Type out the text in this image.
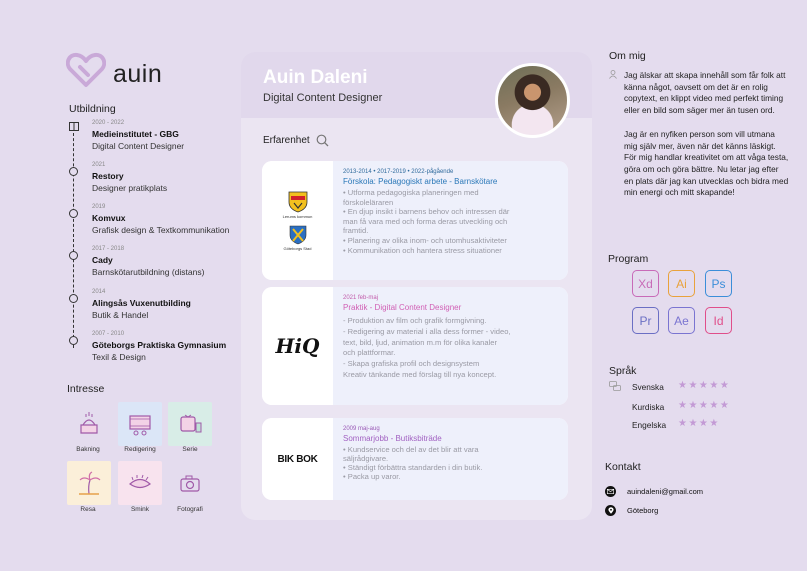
auin
Utbildning
2020 - 2022
Medieinstitutet - GBG
Digital Content Designer
2021
Restory
Designer pratikplats
2019
Komvux
Grafisk design & Textkommunikation
2017 - 2018
Cady
Barnskötarutbildning (distans)
2014
Alingsås Vuxenutbilding
Butik & Handel
2007 - 2010
Göteborgs Praktiska Gymnasium
Texil & Design
Intresse
Bakning	Redigering	Serie
Resa	Smink	Fotografi
Auin Daleni
Digital Content Designer
Erfarenhet
Lerums kommun
Göteborgs Stad
2013-2014 • 2017-2019 • 2022-pågående
Förskola: Pedagogiskt arbete - Barnskötare
• Utforma pedagogiska planeringen med
förskoleläraren
• En djup insikt i barnens behov och intressen där
man få vara med och forma deras utveckling och
framtid.
• Planering av olika inom- och utomhusaktiviteter
• Kommunikation och hantera stress situationer
HiQ
2021 feb-maj
Praktik - Digital Content Designer
- Produktion av film och grafik formgivning.
- Redigering av material i alla dess former - video,
text, bild, ljud, animation m.m för olika kanaler
och plattformar.
- Skapa grafiska profil och designsystem
Kreativ tänkande med förslag till nya koncept.
BIK BOK
2009 maj-aug
Sommarjobb - Butiksbiträde
• Kundservice och del av det blir att vara
säljrådgivare.
• Ständigt förbättra standarden i din butik.
• Packa up varor.
Om mig

Jag älskar att skapa innehåll som får folk att känna något, oavsett om det är en rolig copytext, en klippt video med perfekt timing eller en bild som säger mer än tusen ord.

Jag är en nyfiken person som vill utmana mig själv mer, även när det känns läskigt. För mig handlar kreativitet om att våga testa, göra om och göra bättre. Nu letar jag efter en plats där jag kan utvecklas och bidra med min energi och mitt skapande!

Program
Xd	Ai	Ps
Pr	Ae	Id
Språk
Svenska ★★★★★
Kurdiska ★★★★★
Engelska ★★★★
Kontakt
auindaleni@gmail.com
Göteborg
